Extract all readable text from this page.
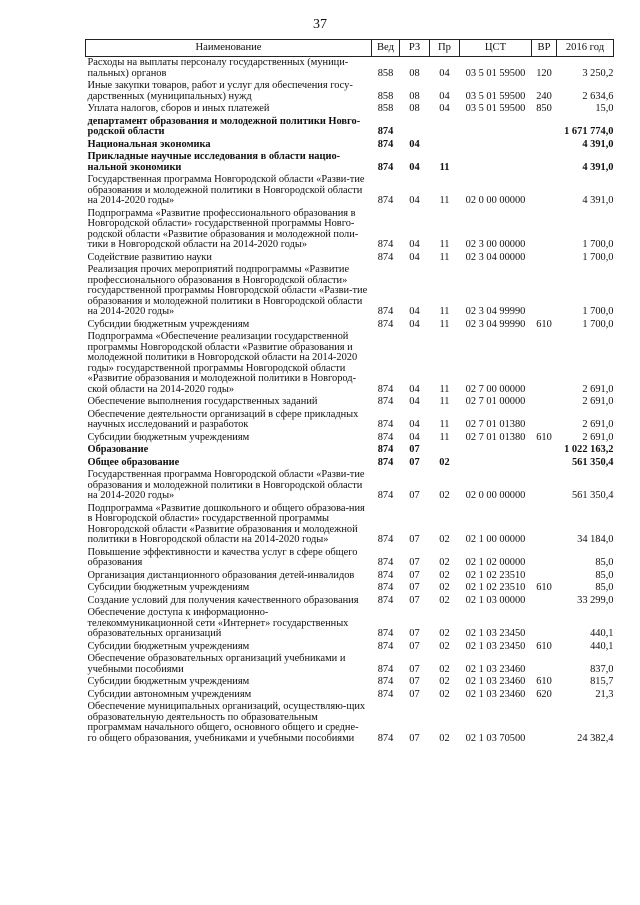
37
Наименование	Вед	РЗ	Пр	ЦСТ	ВР	2016 год
Расходы на выплаты персоналу государственных (муници-пальных) органов	858	08	04	03 5 01 59500	120	3 250,2
Иные закупки товаров, работ и услуг для обеспечения госу-дарственных (муниципальных) нужд	858	08	04	03 5 01 59500	240	2 634,6
Уплата налогов, сборов и иных платежей	858	08	04	03 5 01 59500	850	15,0
департамент образования и молодежной политики Новго-родской области	874					1 671 774,0
Национальная экономика	874	04				4 391,0
Прикладные научные исследования в области нацио-нальной экономики	874	04	11			4 391,0
Государственная программа Новгородской области «Разви-тие образования и молодежной политики в Новгородской области на 2014-2020 годы»	874	04	11	02 0 00 00000		4 391,0
Подпрограмма «Развитие профессионального образования в Новгородской области» государственной программы Новго-родской области «Развитие образования и молодежной поли-тики в Новгородской области на 2014-2020 годы»	874	04	11	02 3 00 00000		1 700,0
Содействие развитию науки	874	04	11	02 3 04 00000		1 700,0
Реализация прочих мероприятий подпрограммы «Развитие профессионального образования в Новгородской области» государственной программы Новгородской области «Разви-тие образования и молодежной политики в Новгородской области на 2014-2020 годы»	874	04	11	02 3 04 99990		1 700,0
Субсидии бюджетным учреждениям	874	04	11	02 3 04 99990	610	1 700,0
Подпрограмма «Обеспечение реализации государственной программы Новгородской области «Развитие образования и молодежной политики в Новгородской области на 2014-2020 годы» государственной программы Новгородской области «Развитие образования и молодежной политики в Новгород-ской области на 2014-2020 годы»	874	04	11	02 7 00 00000		2 691,0
Обеспечение выполнения государственных заданий	874	04	11	02 7 01 00000		2 691,0
Обеспечение деятельности организаций в сфере прикладных научных исследований и разработок	874	04	11	02 7 01 01380		2 691,0
Субсидии бюджетным учреждениям	874	04	11	02 7 01 01380	610	2 691,0
Образование	874	07				1 022 163,2
Общее образование	874	07	02			561 350,4
Государственная программа Новгородской области «Разви-тие образования и молодежной политики в Новгородской области на 2014-2020 годы»	874	07	02	02 0 00 00000		561 350,4
Подпрограмма «Развитие дошкольного и общего образова-ния в Новгородской области» государственной программы Новгородской области «Развитие образования и молодежной политики в Новгородской области на 2014-2020 годы»	874	07	02	02 1 00 00000		34 184,0
Повышение эффективности и качества услуг в сфере общего образования	874	07	02	02 1 02 00000		85,0
Организация дистанционного образования детей-инвалидов	874	07	02	02 1 02 23510		85,0
Субсидии бюджетным учреждениям	874	07	02	02 1 02 23510	610	85,0
Создание условий для получения качественного образования	874	07	02	02 1 03 00000		33 299,0
Обеспечение доступа к информационно-телекоммуникационной сети «Интернет» государственных образовательных организаций	874	07	02	02 1 03 23450		440,1
Субсидии бюджетным учреждениям	874	07	02	02 1 03 23450	610	440,1
Обеспечение образовательных организаций учебниками и учебными пособиями	874	07	02	02 1 03 23460		837,0
Субсидии бюджетным учреждениям	874	07	02	02 1 03 23460	610	815,7
Субсидии автономным учреждениям	874	07	02	02 1 03 23460	620	21,3
Обеспечение муниципальных организаций, осуществляю-щих образовательную деятельность по образовательным программам начального общего, основного общего и средне-го общего образования, учебниками и учебными пособиями	874	07	02	02 1 03 70500		24 382,4
